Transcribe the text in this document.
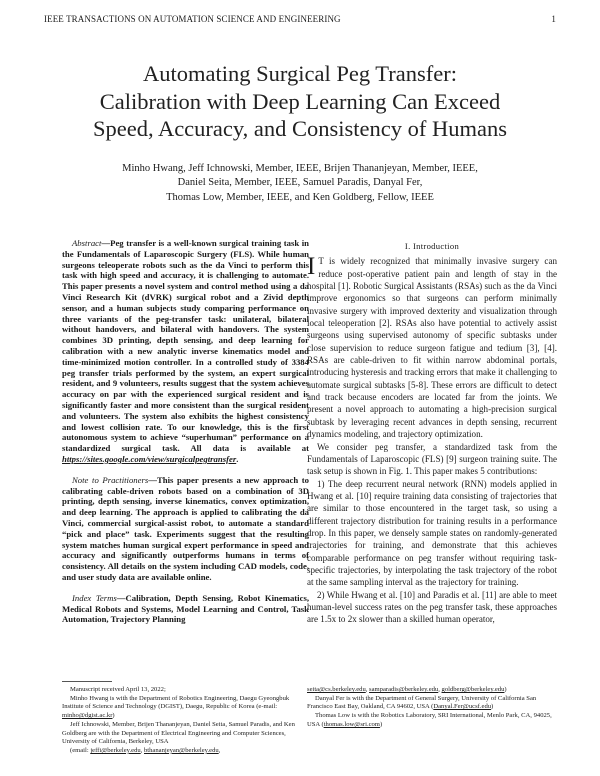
IEEE TRANSACTIONS ON AUTOMATION SCIENCE AND ENGINEERING	1
Automating Surgical Peg Transfer:
Calibration with Deep Learning Can Exceed
Speed, Accuracy, and Consistency of Humans
Minho Hwang, Jeff Ichnowski, Member, IEEE, Brijen Thananjeyan, Member, IEEE,
Daniel Seita, Member, IEEE, Samuel Paradis, Danyal Fer,
Thomas Low, Member, IEEE, and Ken Goldberg, Fellow, IEEE

Abstract—Peg transfer is a well-known surgical training task in the Fundamentals of Laparoscopic Surgery (FLS). While human surgeons teleoperate robots such as the da Vinci to perform this task with high speed and accuracy, it is challenging to automate. This paper presents a novel system and control method using a da Vinci Research Kit (dVRK) surgical robot and a Zivid depth sensor, and a human subjects study comparing performance on three variants of the peg-transfer task: unilateral, bilateral without handovers, and bilateral with handovers. The system combines 3D printing, depth sensing, and deep learning for calibration with a new analytic inverse kinematics model and time-minimized motion controller. In a controlled study of 3384 peg transfer trials performed by the system, an expert surgical resident, and 9 volunteers, results suggest that the system achieves accuracy on par with the experienced surgical resident and is significantly faster and more consistent than the surgical resident and volunteers. The system also exhibits the highest consistency and lowest collision rate. To our knowledge, this is the first autonomous system to achieve “superhuman” performance on a standardized surgical task. All data is available at https://sites.google.com/view/surgicalpegtransfer.

Note to Practitioners—This paper presents a new approach to calibrating cable-driven robots based on a combination of 3D printing, depth sensing, inverse kinematics, convex optimization, and deep learning. The approach is applied to calibrating the da Vinci, commercial surgical-assist robot, to automate a standard “pick and place” task. Experiments suggest that the resulting system matches human surgical expert performance in speed and accuracy and significantly outperforms humans in terms of consistency. All details on the system including CAD models, code, and user study data are available online.

Index Terms—Calibration, Depth Sensing, Robot Kinematics, Medical Robots and Systems, Model Learning and Control, Task Automation, Trajectory Planning

I. Introduction

I T is widely recognized that minimally invasive surgery can reduce post-operative patient pain and length of stay in the hospital [1]. Robotic Surgical Assistants (RSAs) such as the da Vinci improve ergonomics so that surgeons can perform minimally invasive surgery with improved dexterity and visualization through local teleoperation [2]. RSAs also have potential to actively assist surgeons using supervised autonomy of specific subtasks under close supervision to reduce surgeon fatigue and tedium [3], [4]. RSAs are cable-driven to fit within narrow abdominal portals, introducing hysteresis and tracking errors that make it challenging to automate surgical subtasks [5-8]. These errors are difficult to detect and track because encoders are located far from the joints. We present a novel approach to automating a high-precision surgical subtask by leveraging recent advances in depth sensing, recurrent dynamics modeling, and trajectory optimization.

We consider peg transfer, a standardized task from the Fundamentals of Laparoscopic (FLS) [9] surgeon training suite. The task setup is shown in Fig. 1. This paper makes 5 contributions:

1) The deep recurrent neural network (RNN) models applied in Hwang et al. [10] require training data consisting of trajectories that are similar to those encountered in the target task, so using a different trajectory distribution for training results in a performance drop. In this paper, we densely sample states on randomly-generated trajectories for training, and demonstrate that this achieves comparable performance on peg transfer without requiring task-specific trajectories, by interpolating the task trajectory of the robot at the same sampling interval as the trajectory for training.

2) While Hwang et al. [10] and Paradis et al. [11] are able to meet human-level success rates on the peg transfer task, these approaches are 1.5x to 2x slower than a skilled human operator,

Manuscript received April 13, 2022;

Minho Hwang is with the Department of Robotics Engineering, Daegu Gyeongbuk Institute of Science and Technology (DGIST), Daegu, Republic of Korea (e-mail: minho@dgist.ac.kr)

Jeff Ichnowski, Member, Brijen Thananjeyan, Daniel Seita, Samuel Paradis, and Ken Goldberg are with the Department of Electrical Engineering and Computer Sciences, University of California, Berkeley, USA

(email: jeffi@berkeley.edu, bthananjeyan@berkeley.edu,

seita@cs.berkeley.edu, samparadis@berkeley.edu, goldberg@berkeley.edu)

Danyal Fer is with the Department of General Surgery, University of California San Francisco East Bay, Oakland, CA 94602, USA (Danyal.Fer@ucsf.edu)

Thomas Low is with the Robotics Laboratory, SRI International, Menlo Park, CA, 94025, USA (thomas.low@sri.com)
